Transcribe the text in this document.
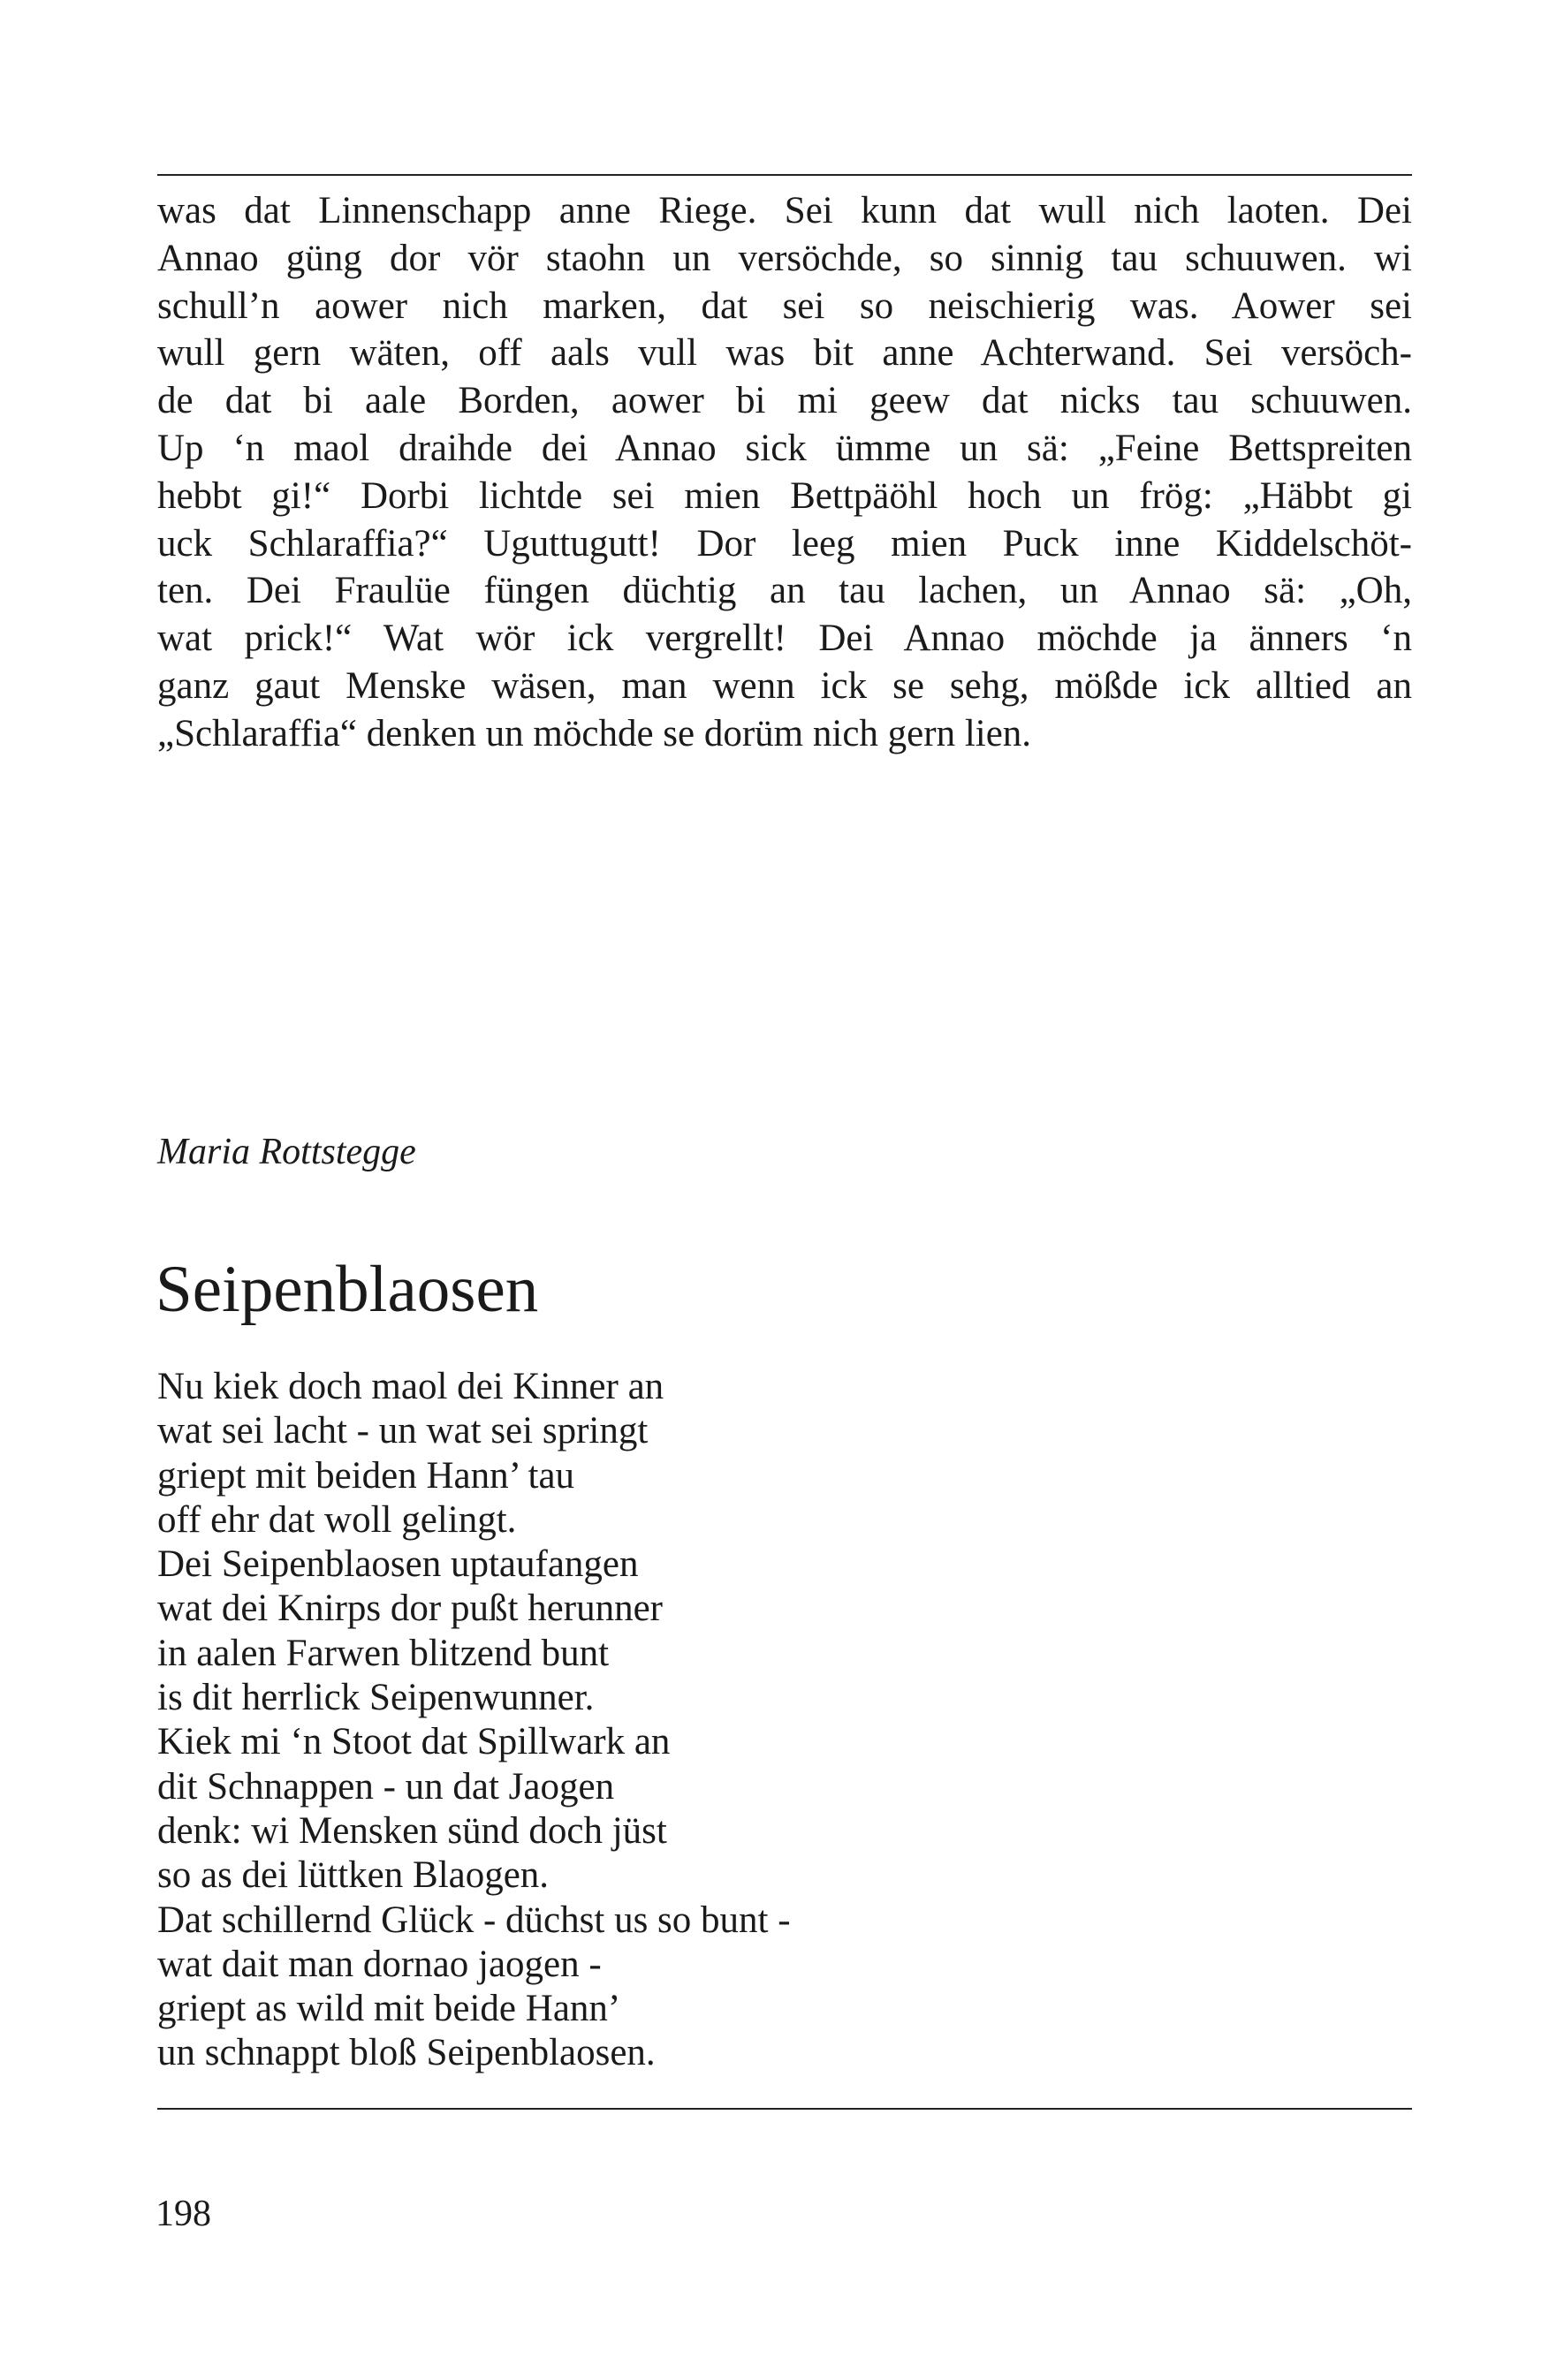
was dat Linnenschapp anne Riege. Sei kunn dat wull nich laoten. Dei
Annao güng dor vör staohn un versöchde, so sinnig tau schuuwen. wi
schull’n aower nich marken, dat sei so neischierig was. Aower sei
wull gern wäten, off aals vull was bit anne Achterwand. Sei versöch-
de dat bi aale Borden, aower bi mi geew dat nicks tau schuuwen.
Up ‘n maol draihde dei Annao sick ümme un sä: „Feine Bettspreiten
hebbt gi!“ Dorbi lichtde sei mien Bettpäöhl hoch un frög: „Häbbt gi
uck Schlaraffia?“ Uguttugutt! Dor leeg mien Puck inne Kiddelschöt-
ten. Dei Fraulüe füngen düchtig an tau lachen, un Annao sä: „Oh,
wat prick!“ Wat wör ick vergrellt! Dei Annao möchde ja änners ‘n
ganz gaut Menske wäsen, man wenn ick se sehg, mößde ick alltied an
„Schlaraffia“ denken un möchde se dorüm nich gern lien.
Maria Rottstegge
Seipenblaosen
Nu kiek doch maol dei Kinner an
wat sei lacht - un wat sei springt
griept mit beiden Hann’ tau
off ehr dat woll gelingt.
Dei Seipenblaosen uptaufangen
wat dei Knirps dor pußt herunner
in aalen Farwen blitzend bunt
is dit herrlick Seipenwunner.
Kiek mi ‘n Stoot dat Spillwark an
dit Schnappen - un dat Jaogen
denk: wi Mensken sünd doch jüst
so as dei lüttken Blaogen.
Dat schillernd Glück - düchst us so bunt -
wat dait man dornao jaogen -
griept as wild mit beide Hann’
un schnappt bloß Seipenblaosen.
198
